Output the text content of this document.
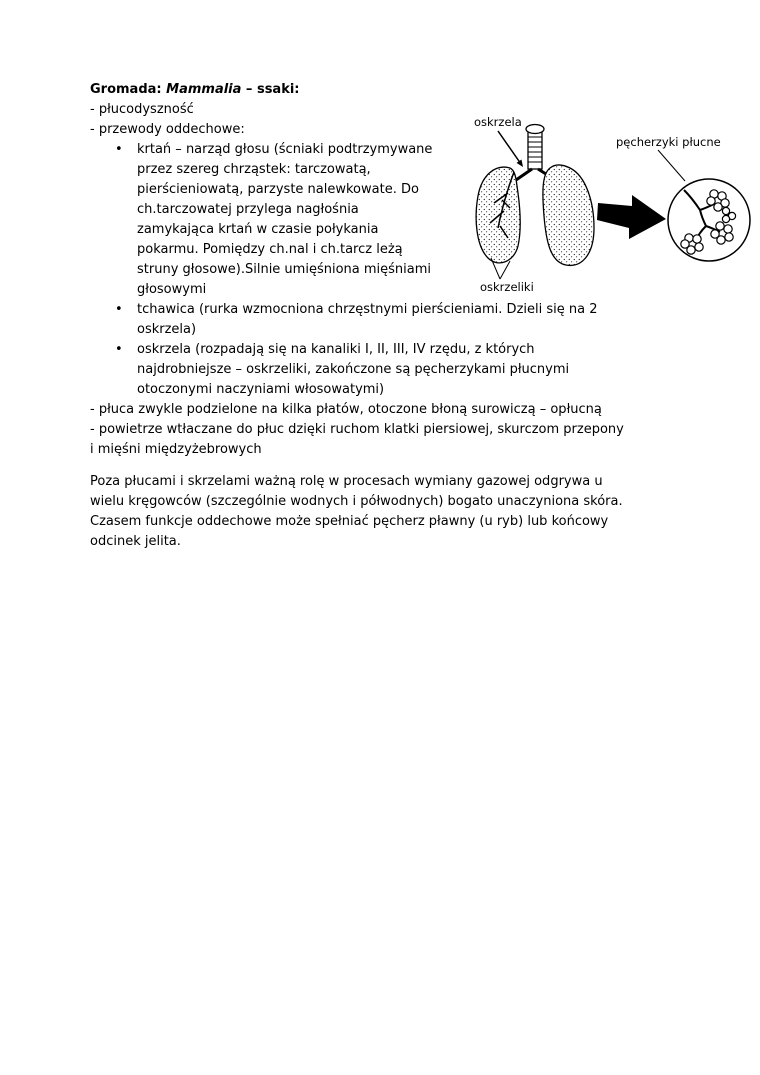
Gromada: Mammalia – ssaki:
- płucodyszność
- przewody oddechowe:
• krtań – narząd głosu (ścniaki podtrzymywane
przez szereg chrząstek: tarczowatą,
pierścieniowatą, parzyste nalewkowate. Do
ch.tarczowatej przylega nagłośnia
zamykająca krtań w czasie połykania
pokarmu. Pomiędzy ch.nal i ch.tarcz leżą
struny głosowe).Silnie umięśniona mięśniami
głosowymi
• tchawica (rurka wzmocniona chrzęstnymi pierścieniami. Dzieli się na 2
oskrzela)
• oskrzela (rozpadają się na kanaliki I, II, III, IV rzędu, z których
najdrobniejsze – oskrzeliki, zakończone są pęcherzykami płucnymi
otoczonymi naczyniami włosowatymi)
- płuca zwykle podzielone na kilka płatów, otoczone błoną surowiczą – opłucną
- powietrze wtłaczane do płuc dzięki ruchom klatki piersiowej, skurczom przepony
i mięśni międzyżebrowych
Poza płucami i skrzelami ważną rolę w procesach wymiany gazowej odgrywa u
wielu kręgowców (szczególnie wodnych i półwodnych) bogato unaczyniona skóra.
Czasem funkcje oddechowe może spełniać pęcherz pławny (u ryb) lub końcowy
odcinek jelita.
oskrzela
pęcherzyki płucne
oskrzeliki
